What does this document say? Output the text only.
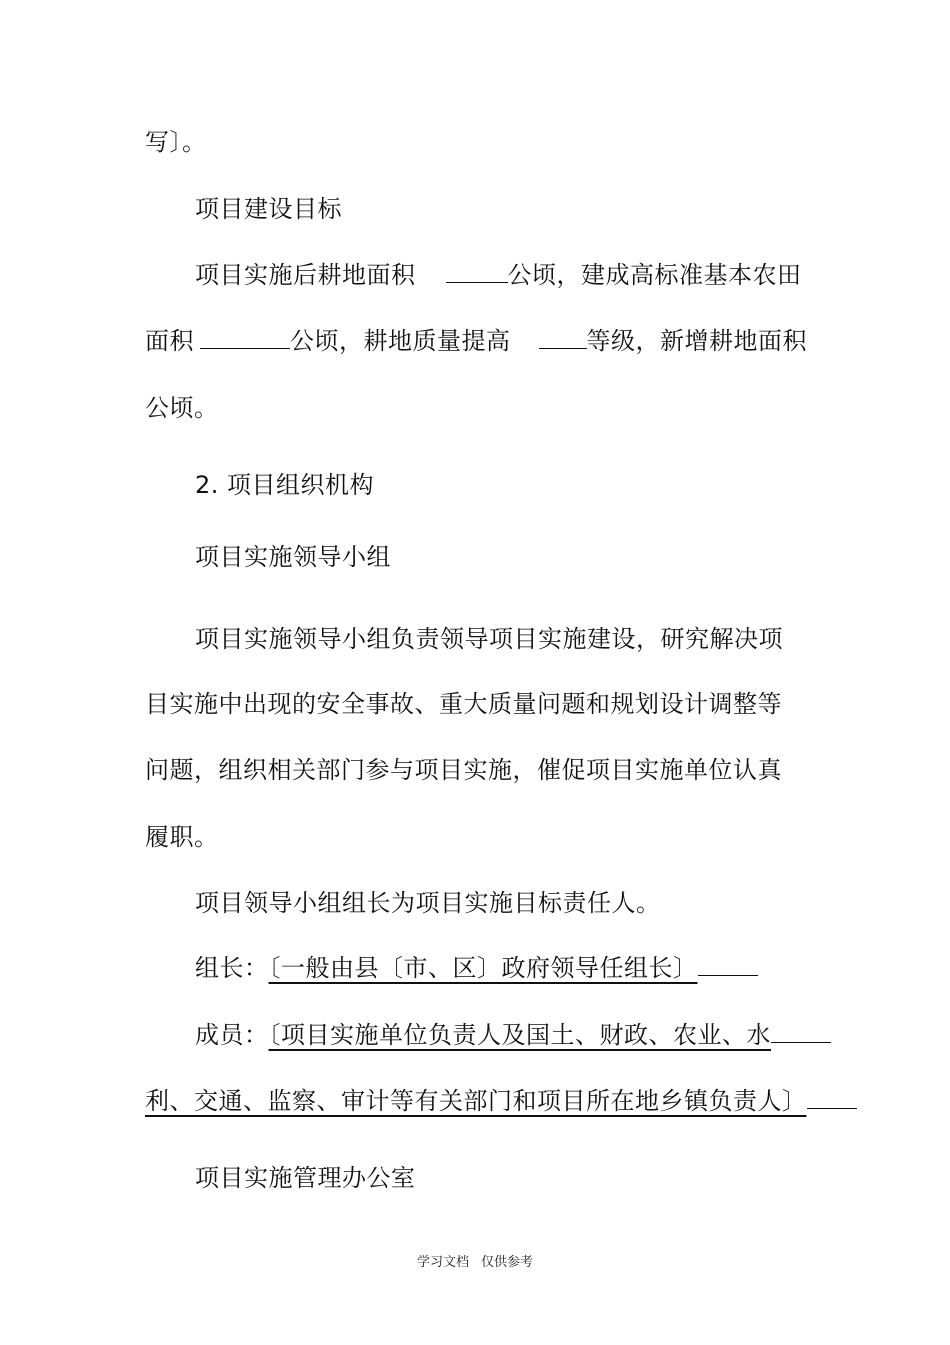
写〕。
项目建设目标
项目实施后耕地面积	公顷，建成高标准基本农田
面积	公顷，耕地质量提高	等级，新增耕地面积
公顷。
2. 项目组织机构
项目实施领导小组
项目实施领导小组负责领导项目实施建设，研究解决项
目实施中出现的安全事故、重大质量问题和规划设计调整等
问题，组织相关部门参与项目实施，催促项目实施单位认真
履职。
项目领导小组组长为项目实施目标责任人。
组长：〔一般由县〔市、区〕政府领导任组长〕
成员：〔项目实施单位负责人及国土、财政、农业、水
利、交通、监察、审计等有关部门和项目所在地乡镇负责人〕
项目实施管理办公室
学习文档 仅供参考
